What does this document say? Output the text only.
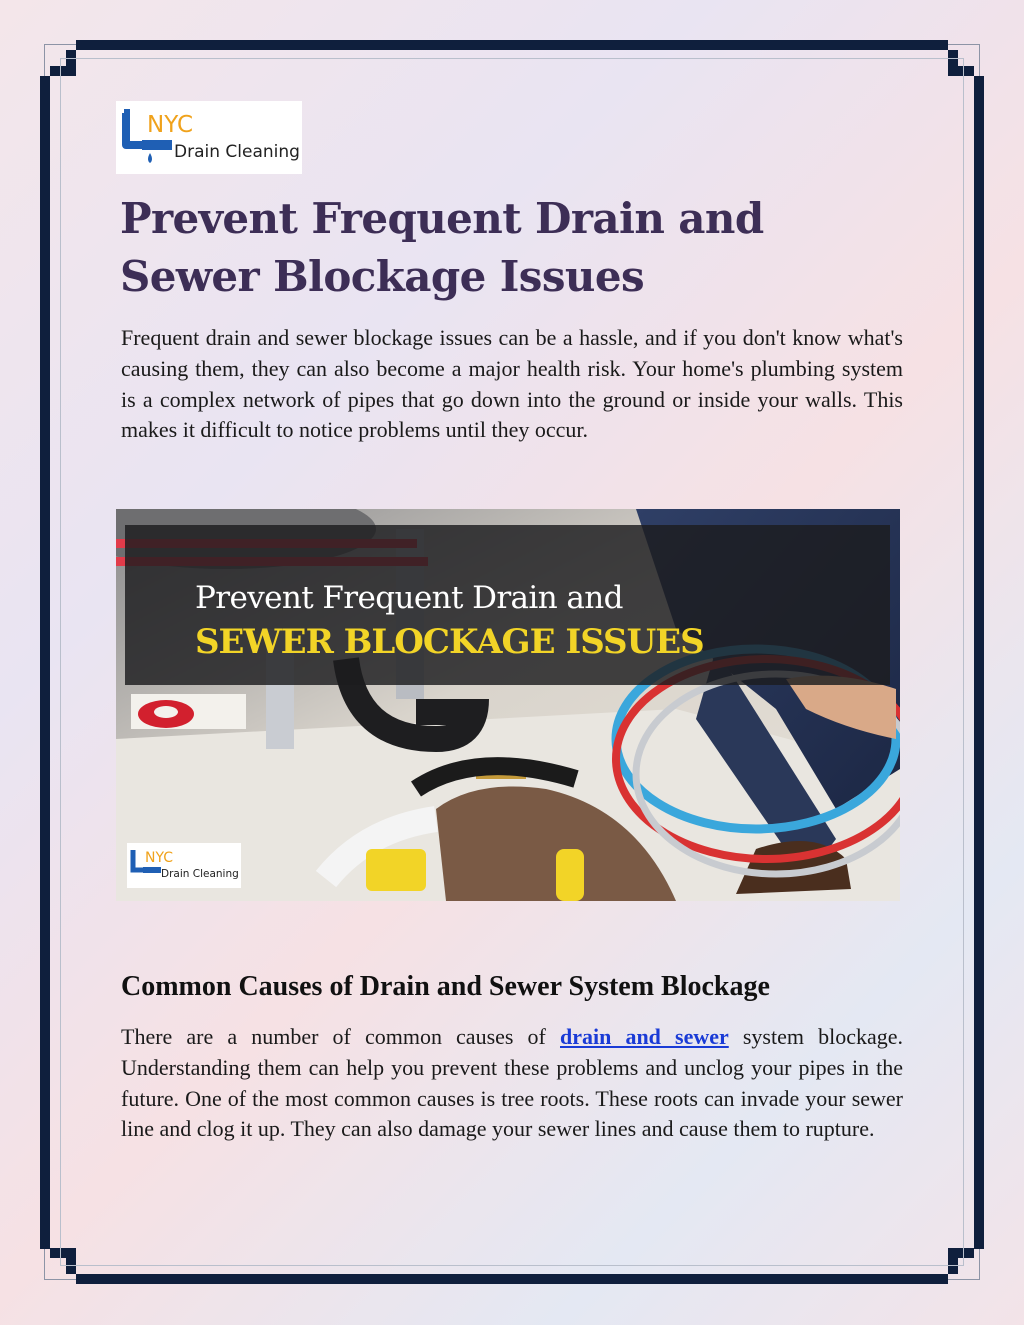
NYC
Drain Cleaning
Prevent Frequent Drain and Sewer Blockage Issues

Frequent drain and sewer blockage issues can be a hassle, and if you don't know what's causing them, they can also become a major health risk. Your home's plumbing system is a complex network of pipes that go down into the ground or inside your walls. This makes it difficult to notice problems until they occur.

Prevent Frequent Drain and
SEWER BLOCKAGE ISSUES
NYC
Drain Cleaning
Common Causes of Drain and Sewer System Blockage

There are a number of common causes of drain and sewer system blockage. Understanding them can help you prevent these problems and unclog your pipes in the future. One of the most common causes is tree roots. These roots can invade your sewer line and clog it up. They can also damage your sewer lines and cause them to rupture.
